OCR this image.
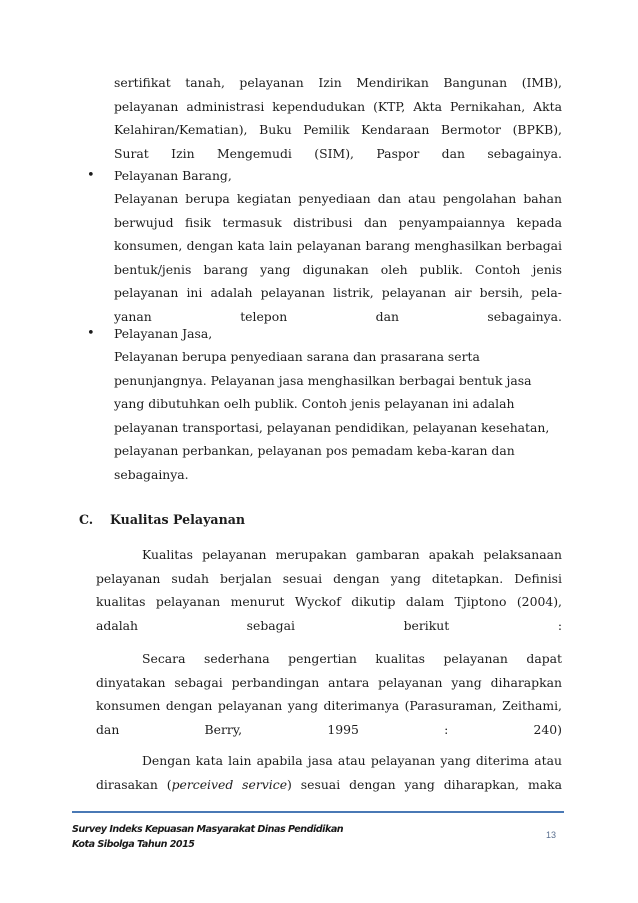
sertifikat tanah, pelayanan Izin Mendirikan Bangunan (IMB), pelayanan administrasi kependudukan (KTP, Akta Pernikahan, Akta Kelahiran/Kematian), Buku Pemilik Kendaraan Bermotor (BPKB), Surat Izin Mengemudi (SIM), Paspor dan sebagainya.

• Pelayanan Barang,

Pelayanan berupa kegiatan penyediaan dan atau pengolahan bahan berwujud fisik termasuk distribusi dan penyampaiannya kepada konsumen, dengan kata lain pelayanan barang menghasilkan berbagai bentuk/jenis barang yang digunakan oleh publik. Contoh jenis pelayanan ini adalah pelayanan listrik, pelayanan air bersih, pela-yanan telepon dan sebagainya.

• Pelayanan Jasa,

Pelayanan berupa penyediaan sarana dan prasarana serta
penunjangnya. Pelayanan jasa menghasilkan berbagai bentuk jasa
yang dibutuhkan oelh publik. Contoh jenis pelayanan ini adalah
pelayanan transportasi, pelayanan pendidikan, pelayanan kesehatan,
pelayanan perbankan, pelayanan pos pemadam keba-karan dan
sebagainya.
C. Kualitas Pelayanan

Kualitas pelayanan merupakan gambaran apakah pelaksanaan pelayanan sudah berjalan sesuai dengan yang ditetapkan. Definisi kualitas pelayanan menurut Wyckof dikutip dalam Tjiptono (2004), adalah sebagai berikut :

Secara sederhana pengertian kualitas pelayanan dapat dinyatakan sebagai perbandingan antara pelayanan yang diharapkan konsumen dengan pelayanan yang diterimanya (Parasuraman, Zeithami, dan Berry, 1995 : 240)

Dengan kata lain apabila jasa atau pelayanan yang diterima atau dirasakan (perceived service) sesuai dengan yang diharapkan, maka

Survey Indeks Kepuasan Masyarakat Dinas Pendidikan
Kota Sibolga Tahun 2015
13
